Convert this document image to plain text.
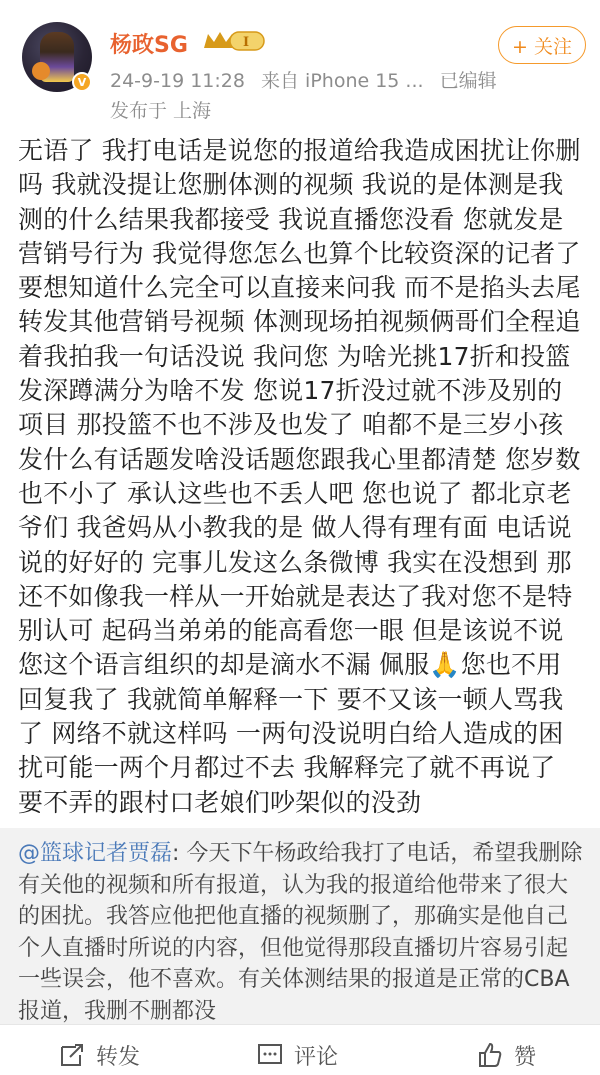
V
杨政SG	I
24-9-19 11:28 来自 iPhone 15 ... 已编辑
发布于 上海
+ 关注
无语了 我打电话是说您的报道给我造成困扰让你删吗 我就没提让您删体测的视频 我说的是体测是我测的什么结果我都接受 我说直播您没看 您就发是营销号行为 我觉得您怎么也算个比较资深的记者了要想知道什么完全可以直接来问我 而不是掐头去尾转发其他营销号视频 体测现场拍视频俩哥们全程追着我拍我一句话没说 我问您 为啥光挑17折和投篮发深蹲满分为啥不发 您说17折没过就不涉及别的项目 那投篮不也不涉及也发了 咱都不是三岁小孩 发什么有话题发啥没话题您跟我心里都清楚 您岁数也不小了 承认这些也不丢人吧 您也说了 都北京老爷们 我爸妈从小教我的是 做人得有理有面 电话说说的好好的 完事儿发这么条微博 我实在没想到 那还不如像我一样从一开始就是表达了我对您不是特别认可 起码当弟弟的能高看您一眼 但是该说不说您这个语言组织的却是滴水不漏 佩服🙏您也不用回复我了 我就简单解释一下 要不又该一顿人骂我了 网络不就这样吗 一两句没说明白给人造成的困扰可能一两个月都过不去 我解释完了就不再说了 要不弄的跟村口老娘们吵架似的没劲
@篮球记者贾磊: 今天下午杨政给我打了电话，希望我删除有关他的视频和所有报道，认为我的报道给他带来了很大的困扰。我答应他把他直播的视频删了，那确实是他自己个人直播时所说的内容，但他觉得那段直播切片容易引起一些误会，他不喜欢。有关体测结果的报道是正常的CBA报道，我删不删都没
转发	评论	赞
